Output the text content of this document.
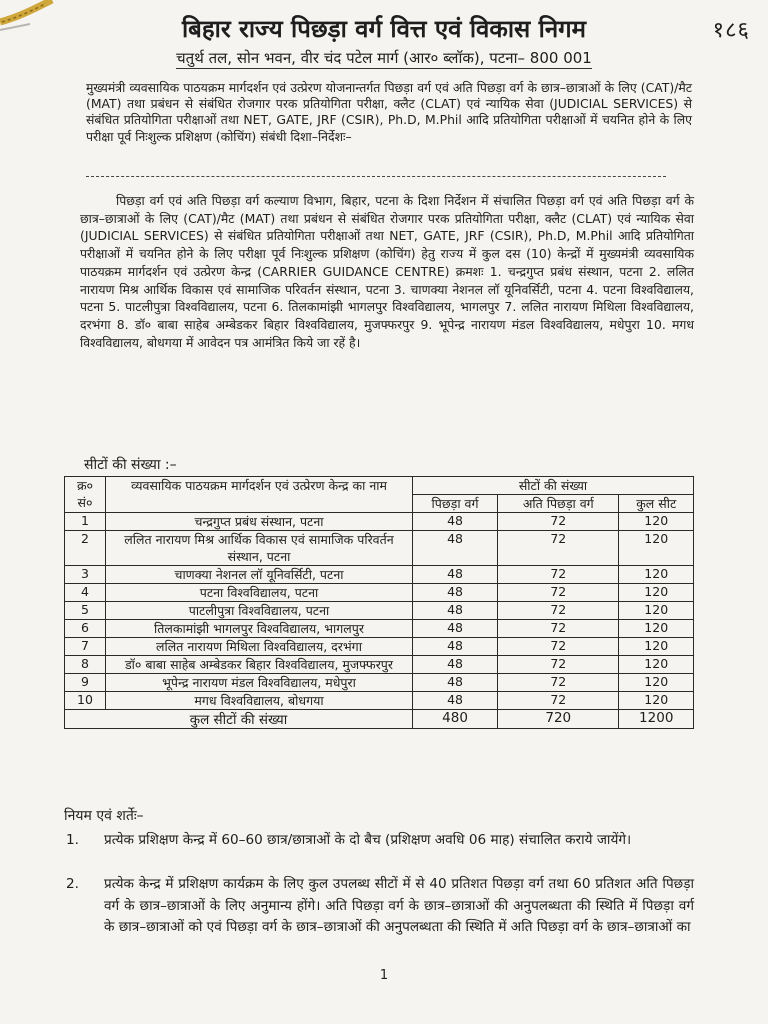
१८६
बिहार राज्य पिछड़ा वर्ग वित्त एवं विकास निगम
चतुर्थ तल, सोन भवन, वीर चंद पटेल मार्ग (आर० ब्लॉक), पटना– 800 001
मुख्यमंत्री व्यवसायिक पाठयक्रम मार्गदर्शन एवं उत्प्रेरण योजनान्तर्गत पिछड़ा वर्ग एवं अति पिछड़ा वर्ग के छात्र–छात्राओं के लिए (CAT)/मैट (MAT) तथा प्रबंधन से संबंधित रोजगार परक प्रतियोगिता परीक्षा, क्लैट (CLAT) एवं न्यायिक सेवा (JUDICIAL SERVICES) से संबंधित प्रतियोगिता परीक्षाओं तथा NET, GATE, JRF (CSIR), Ph.D, M.Phil आदि प्रतियोगिता परीक्षाओं में चयनित होने के लिए परीक्षा पूर्व निःशुल्क प्रशिक्षण (कोचिंग) संबंधी दिशा–निर्देशः–
पिछड़ा वर्ग एवं अति पिछड़ा वर्ग कल्याण विभाग, बिहार, पटना के दिशा निर्देशन में संचालित पिछड़ा वर्ग एवं अति पिछड़ा वर्ग के छात्र–छात्राओं के लिए (CAT)/मैट (MAT) तथा प्रबंधन से संबंधित रोजगार परक प्रतियोगिता परीक्षा, क्लैट (CLAT) एवं न्यायिक सेवा (JUDICIAL SERVICES) से संबंधित प्रतियोगिता परीक्षाओं तथा NET, GATE, JRF (CSIR), Ph.D, M.Phil आदि प्रतियोगिता परीक्षाओं में चयनित होने के लिए परीक्षा पूर्व निःशुल्क प्रशिक्षण (कोचिंग) हेतु राज्य में कुल दस (10) केन्द्रों में मुख्यमंत्री व्यवसायिक पाठयक्रम मार्गदर्शन एवं उत्प्रेरण केन्द्र (CARRIER GUIDANCE CENTRE) क्रमशः 1. चन्द्रगुप्त प्रबंध संस्थान, पटना 2. ललित नारायण मिश्र आर्थिक विकास एवं सामाजिक परिवर्तन संस्थान, पटना 3. चाणक्या नेशनल लॉ यूनिवर्सिटी, पटना 4. पटना विश्वविद्यालय, पटना 5. पाटलीपुत्रा विश्वविद्यालय, पटना 6. तिलकामांझी भागलपुर विश्वविद्यालय, भागलपुर 7. ललित नारायण मिथिला विश्वविद्यालय, दरभंगा 8. डॉ० बाबा साहेब अम्बेडकर बिहार विश्वविद्यालय, मुजफ्फरपुर 9. भूपेन्द्र नारायण मंडल विश्वविद्यालय, मधेपुरा 10. मगध विश्वविद्यालय, बोधगया में आवेदन पत्र आमंत्रित किये जा रहें है।
सीटों की संख्या :–
क्र० सं०	व्यवसायिक पाठयक्रम मार्गदर्शन एवं उत्प्रेरण केन्द्र का नाम	सीटों की संख्या		
		पिछड़ा वर्ग	अति पिछड़ा वर्ग	कुल सीट
1	चन्द्रगुप्त प्रबंध संस्थान, पटना	48	72	120
2	ललित नारायण मिश्र आर्थिक विकास एवं सामाजिक परिवर्तन संस्थान, पटना	48	72	120
3	चाणक्या नेशनल लॉ यूनिवर्सिटी, पटना	48	72	120
4	पटना विश्वविद्यालय, पटना	48	72	120
5	पाटलीपुत्रा विश्वविद्यालय, पटना	48	72	120
6	तिलकामांझी भागलपुर विश्वविद्यालय, भागलपुर	48	72	120
7	ललित नारायण मिथिला विश्वविद्यालय, दरभंगा	48	72	120
8	डॉ० बाबा साहेब अम्बेडकर बिहार विश्वविद्यालय, मुजफ्फरपुर	48	72	120
9	भूपेन्द्र नारायण मंडल विश्वविद्यालय, मधेपुरा	48	72	120
10	मगध विश्वविद्यालय, बोधगया	48	72	120
कुल सीटों की संख्या		480	720	1200
नियम एवं शर्तेः–
1. प्रत्येक प्रशिक्षण केन्द्र में 60–60 छात्र/छात्राओं के दो बैच (प्रशिक्षण अवधि 06 माह) संचालित कराये जायेंगे।
2. प्रत्येक केन्द्र में प्रशिक्षण कार्यक्रम के लिए कुल उपलब्ध सीटों में से 40 प्रतिशत पिछड़ा वर्ग तथा 60 प्रतिशत अति पिछड़ा वर्ग के छात्र–छात्राओं के लिए अनुमान्य होंगे। अति पिछड़ा वर्ग के छात्र–छात्राओं की अनुपलब्धता की स्थिति में पिछड़ा वर्ग के छात्र–छात्राओं को एवं पिछड़ा वर्ग के छात्र–छात्राओं की अनुपलब्धता की स्थिति में अति पिछड़ा वर्ग के छात्र–छात्राओं का
1
